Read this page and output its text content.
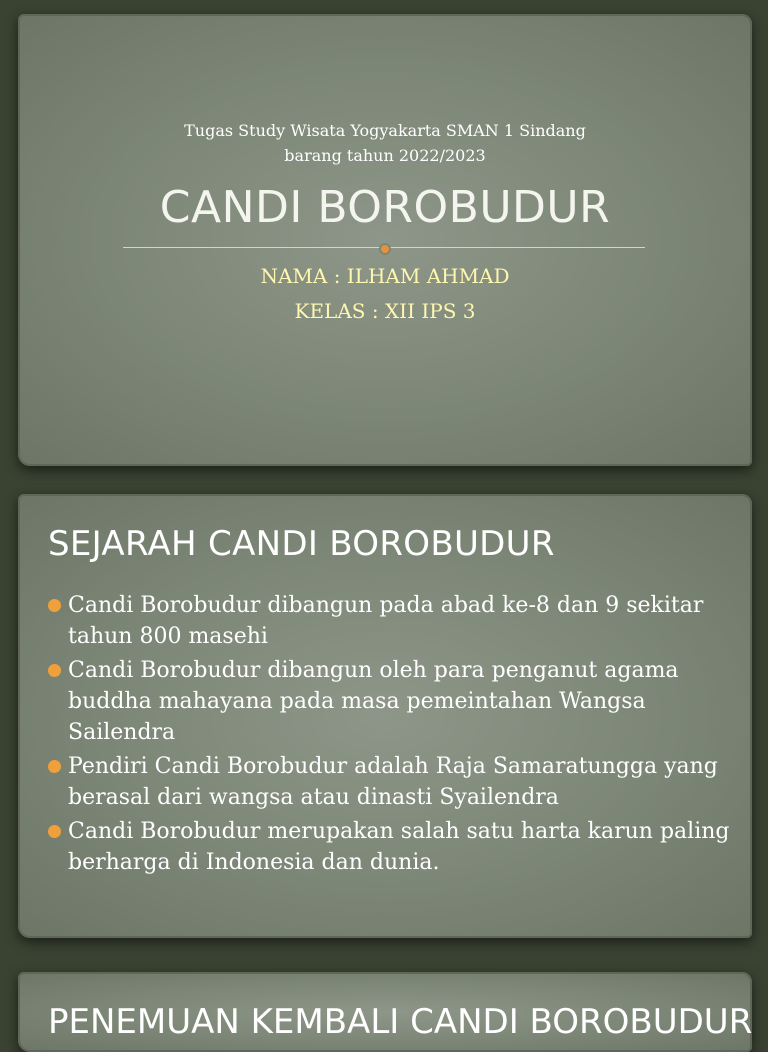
Tugas Study Wisata Yogyakarta SMAN 1 Sindang
barang tahun 2022/2023
CANDI BOROBUDUR
NAMA : ILHAM AHMAD
KELAS : XII IPS 3
SEJARAH CANDI BOROBUDUR
Candi Borobudur dibangun pada abad ke-8 dan 9 sekitar tahun 800 masehi
Candi Borobudur dibangun oleh para penganut agama buddha mahayana pada masa pemeintahan Wangsa Sailendra
Pendiri Candi Borobudur adalah Raja Samaratungga yang berasal dari wangsa atau dinasti Syailendra
Candi Borobudur merupakan salah satu harta karun paling berharga di Indonesia dan dunia.
PENEMUAN KEMBALI CANDI BOROBUDUR
